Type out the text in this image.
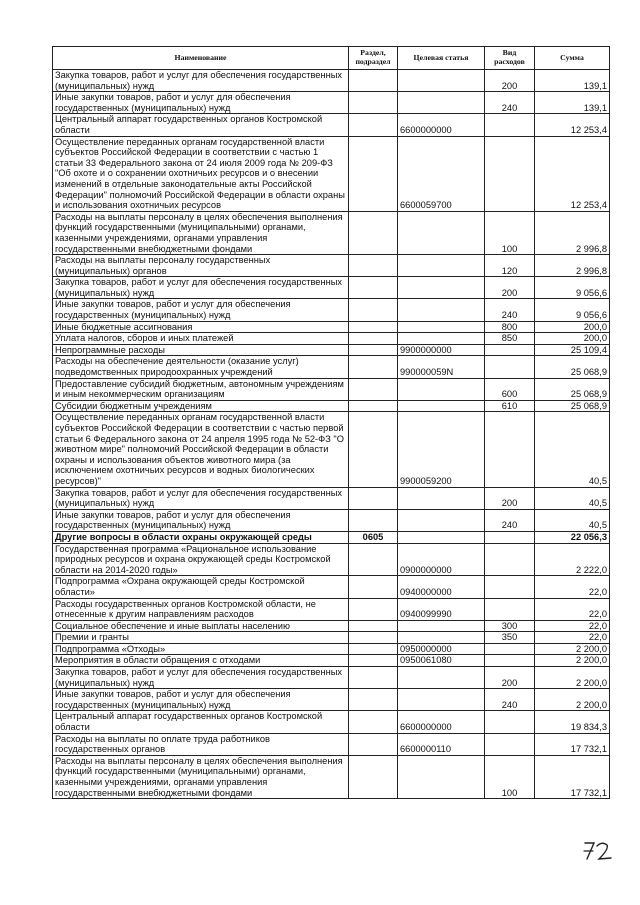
Наименование	Раздел, подраздел	Целевая статья	Вид расходов	Сумма
Закупка товаров, работ и услуг для обеспечения государственных (муниципальных) нужд			200	139,1
Иные закупки товаров, работ и услуг для обеспечения государственных (муниципальных) нужд			240	139,1
Центральный аппарат государственных органов Костромской области		6600000000		12 253,4
Осуществление переданных органам государственной власти субъектов Российской Федерации в соответствии с частью 1 статьи 33 Федерального закона от 24 июля 2009 года № 209-ФЗ "Об охоте и о сохранении охотничьих ресурсов и о внесении изменений в отдельные законодательные акты Российской Федерации" полномочий Российской Федерации в области охраны и использования охотничьих ресурсов		6600059700		12 253,4
Расходы на выплаты персоналу в целях обеспечения выполнения функций государственными (муниципальными) органами, казенными учреждениями, органами управления государственными внебюджетными фондами			100	2 996,8
Расходы на выплаты персоналу государственных (муниципальных) органов			120	2 996,8
Закупка товаров, работ и услуг для обеспечения государственных (муниципальных) нужд			200	9 056,6
Иные закупки товаров, работ и услуг для обеспечения государственных (муниципальных) нужд			240	9 056,6
Иные бюджетные ассигнования			800	200,0
Уплата налогов, сборов и иных платежей			850	200,0
Непрограммные расходы		9900000000		25 109,4
Расходы на обеспечение деятельности (оказание услуг) подведомственных природоохранных учреждений		990000059N		25 068,9
Предоставление субсидий бюджетным, автономным учреждениям и иным некоммерческим организациям			600	25 068,9
Субсидии бюджетным учреждениям			610	25 068,9
Осуществление переданных органам государственной власти субъектов Российской Федерации в соответствии с частью первой статьи 6 Федерального закона от 24 апреля 1995 года № 52-ФЗ "О животном мире" полномочий Российской Федерации в области охраны и использования объектов животного мира (за исключением охотничьих ресурсов и водных биологических ресурсов)"		9900059200		40,5
Закупка товаров, работ и услуг для обеспечения государственных (муниципальных) нужд			200	40,5
Иные закупки товаров, работ и услуг для обеспечения государственных (муниципальных) нужд			240	40,5
Другие вопросы в области охраны окружающей среды	0605			22 056,3
Государственная программа «Рациональное использование природных ресурсов и охрана окружающей среды Костромской области на 2014-2020 годы»		0900000000		2 222,0
Подпрограмма «Охрана окружающей среды Костромской области»		0940000000		22,0
Расходы государственных органов Костромской области, не отнесенные к другим направлениям расходов		0940099990		22,0
Социальное обеспечение и иные выплаты населению			300	22,0
Премии и гранты			350	22,0
Подпрограмма «Отходы»		0950000000		2 200,0
Мероприятия в области обращения с отходами		0950061080		2 200,0
Закупка товаров, работ и услуг для обеспечения государственных (муниципальных) нужд			200	2 200,0
Иные закупки товаров, работ и услуг для обеспечения государственных (муниципальных) нужд			240	2 200,0
Центральный аппарат государственных органов Костромской области		6600000000		19 834,3
Расходы на выплаты по оплате труда работников государственных органов		6600000110		17 732,1
Расходы на выплаты персоналу в целях обеспечения выполнения функций государственными (муниципальными) органами, казенными учреждениями, органами управления государственными внебюджетными фондами			100	17 732,1
